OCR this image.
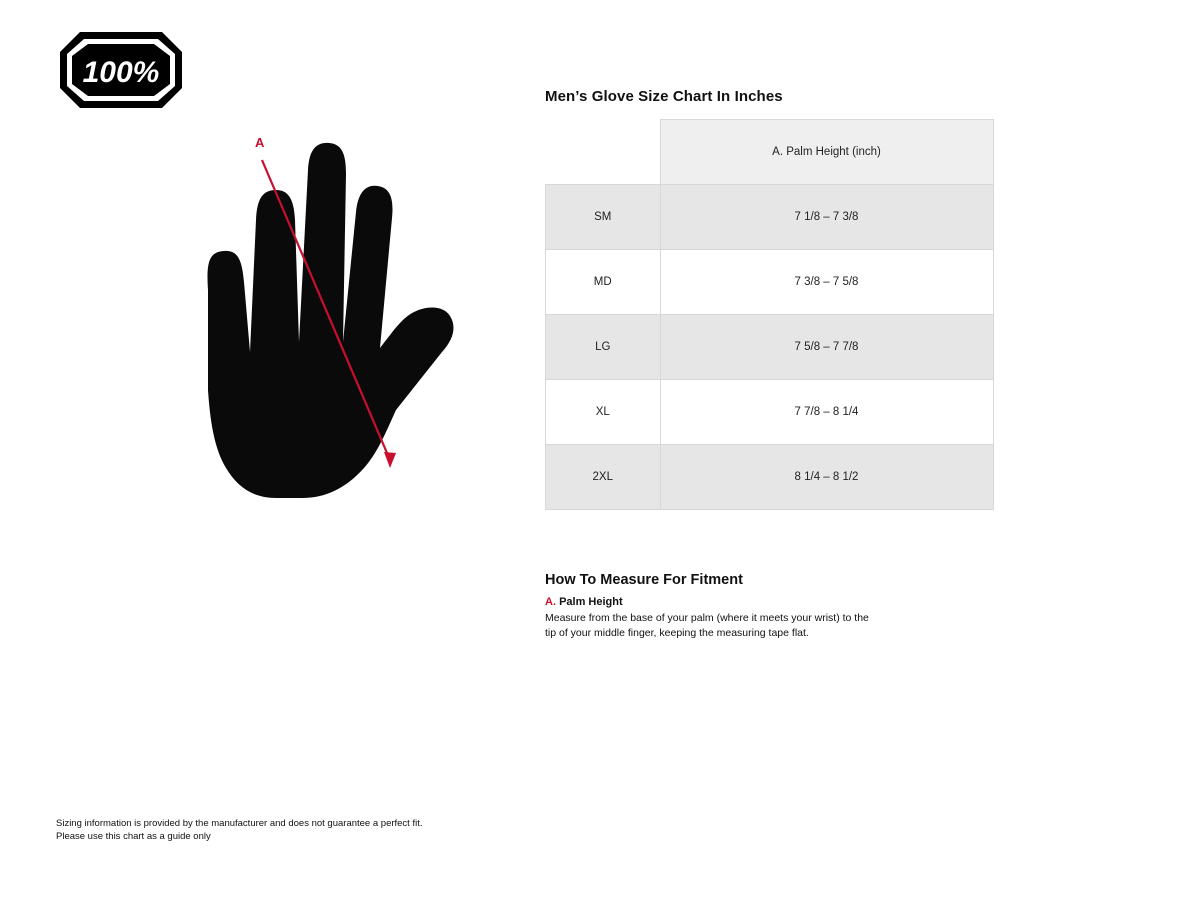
100%
A
Men’s Glove Size Chart In Inches
	A. Palm Height (inch)
SM	7 1/8 – 7 3/8
MD	7 3/8 – 7 5/8
LG	7 5/8 – 7 7/8
XL	7 7/8 – 8 1/4
2XL	8 1/4 – 8 1/2
How To Measure For Fitment

A. Palm Height

Measure from the base of your palm (where it meets your wrist) to the tip of your middle finger, keeping the measuring tape flat.

Sizing information is provided by the manufacturer and does not guarantee a perfect fit.
Please use this chart as a guide only
